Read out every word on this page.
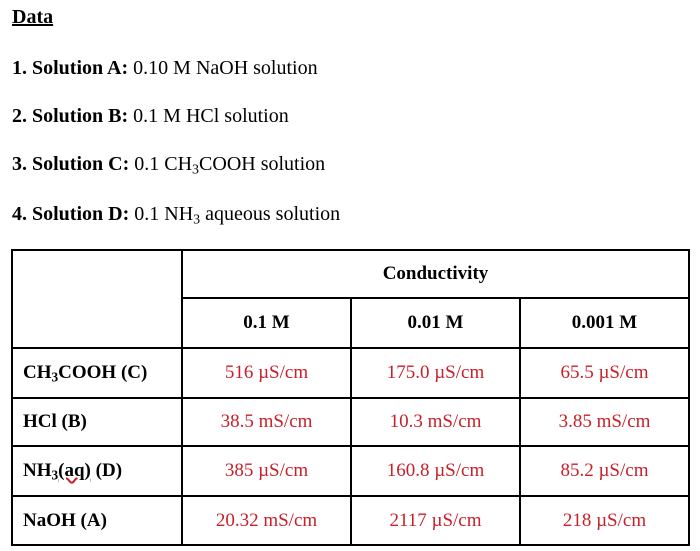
Data
1. Solution A: 0.10 M NaOH solution
2. Solution B: 0.1 M HCl solution
3. Solution C: 0.1 $CH_3COOH$ solution
4. Solution D: 0.1 $NH_3$ aqueous solution
	Conductivity		
	0.1 M	0.01 M	0.001 M
$CH_3COOH$ (C)	516 µS/cm	175.0 µS/cm	65.5 µS/cm
HCl (B)	38.5 mS/cm	10.3 mS/cm	3.85 mS/cm
$NH_3(aq)$ (D)	385 µS/cm	160.8 µS/cm	85.2 µS/cm
NaOH (A)	20.32 mS/cm	2117 µS/cm	218 µS/cm
